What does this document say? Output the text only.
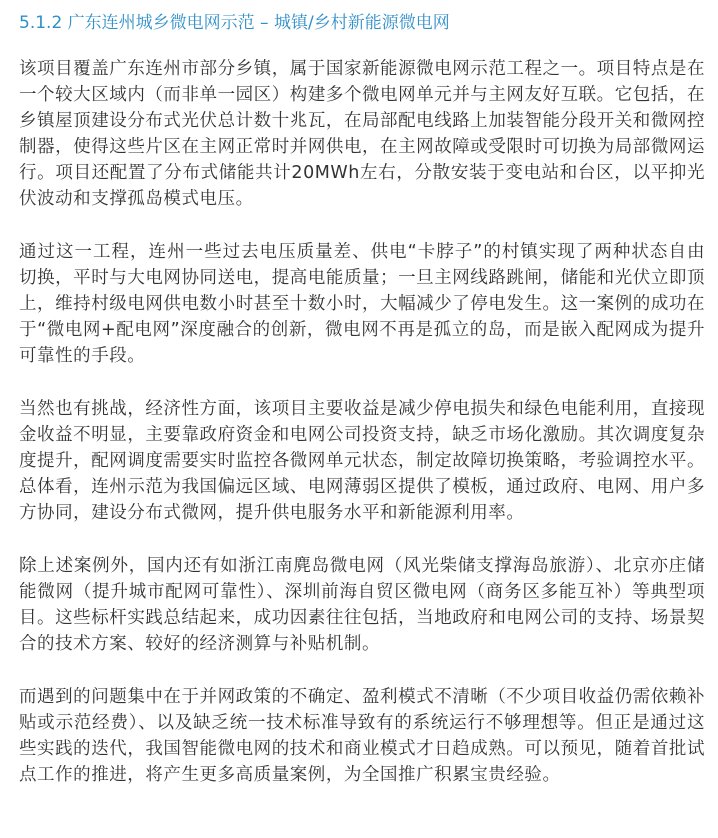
5.1.2 广东连州城乡微电网示范 – 城镇/乡村新能源微电网

该项目覆盖广东连州市部分乡镇，属于国家新能源微电网示范工程之一。项目特点是在一个较大区域内（而非单一园区）构建多个微电网单元并与主网友好互联。它包括，在乡镇屋顶建设分布式光伏总计数十兆瓦，在局部配电线路上加装智能分段开关和微网控制器，使得这些片区在主网正常时并网供电，在主网故障或受限时可切换为局部微网运行。项目还配置了分布式储能共计20MWh左右，分散安装于变电站和台区，以平抑光伏波动和支撑孤岛模式电压。

通过这一工程，连州一些过去电压质量差、供电“卡脖子”的村镇实现了两种状态自由切换，平时与大电网协同送电，提高电能质量；一旦主网线路跳闸，储能和光伏立即顶上，维持村级电网供电数小时甚至十数小时，大幅减少了停电发生。这一案例的成功在于“微电网+配电网”深度融合的创新，微电网不再是孤立的岛，而是嵌入配网成为提升可靠性的手段。

当然也有挑战，经济性方面，该项目主要收益是减少停电损失和绿色电能利用，直接现金收益不明显，主要靠政府资金和电网公司投资支持，缺乏市场化激励。其次调度复杂度提升，配网调度需要实时监控各微网单元状态，制定故障切换策略，考验调控水平。总体看，连州示范为我国偏远区域、电网薄弱区提供了模板，通过政府、电网、用户多方协同，建设分布式微网，提升供电服务水平和新能源利用率。

除上述案例外，国内还有如浙江南麂岛微电网（风光柴储支撑海岛旅游）、北京亦庄储能微网（提升城市配网可靠性）、深圳前海自贸区微电网（商务区多能互补）等典型项目。这些标杆实践总结起来，成功因素往往包括，当地政府和电网公司的支持、场景契合的技术方案、较好的经济测算与补贴机制。

而遇到的问题集中在于并网政策的不确定、盈利模式不清晰（不少项目收益仍需依赖补贴或示范经费）、以及缺乏统一技术标准导致有的系统运行不够理想等。但正是通过这些实践的迭代，我国智能微电网的技术和商业模式才日趋成熟。可以预见，随着首批试点工作的推进，将产生更多高质量案例，为全国推广积累宝贵经验。
